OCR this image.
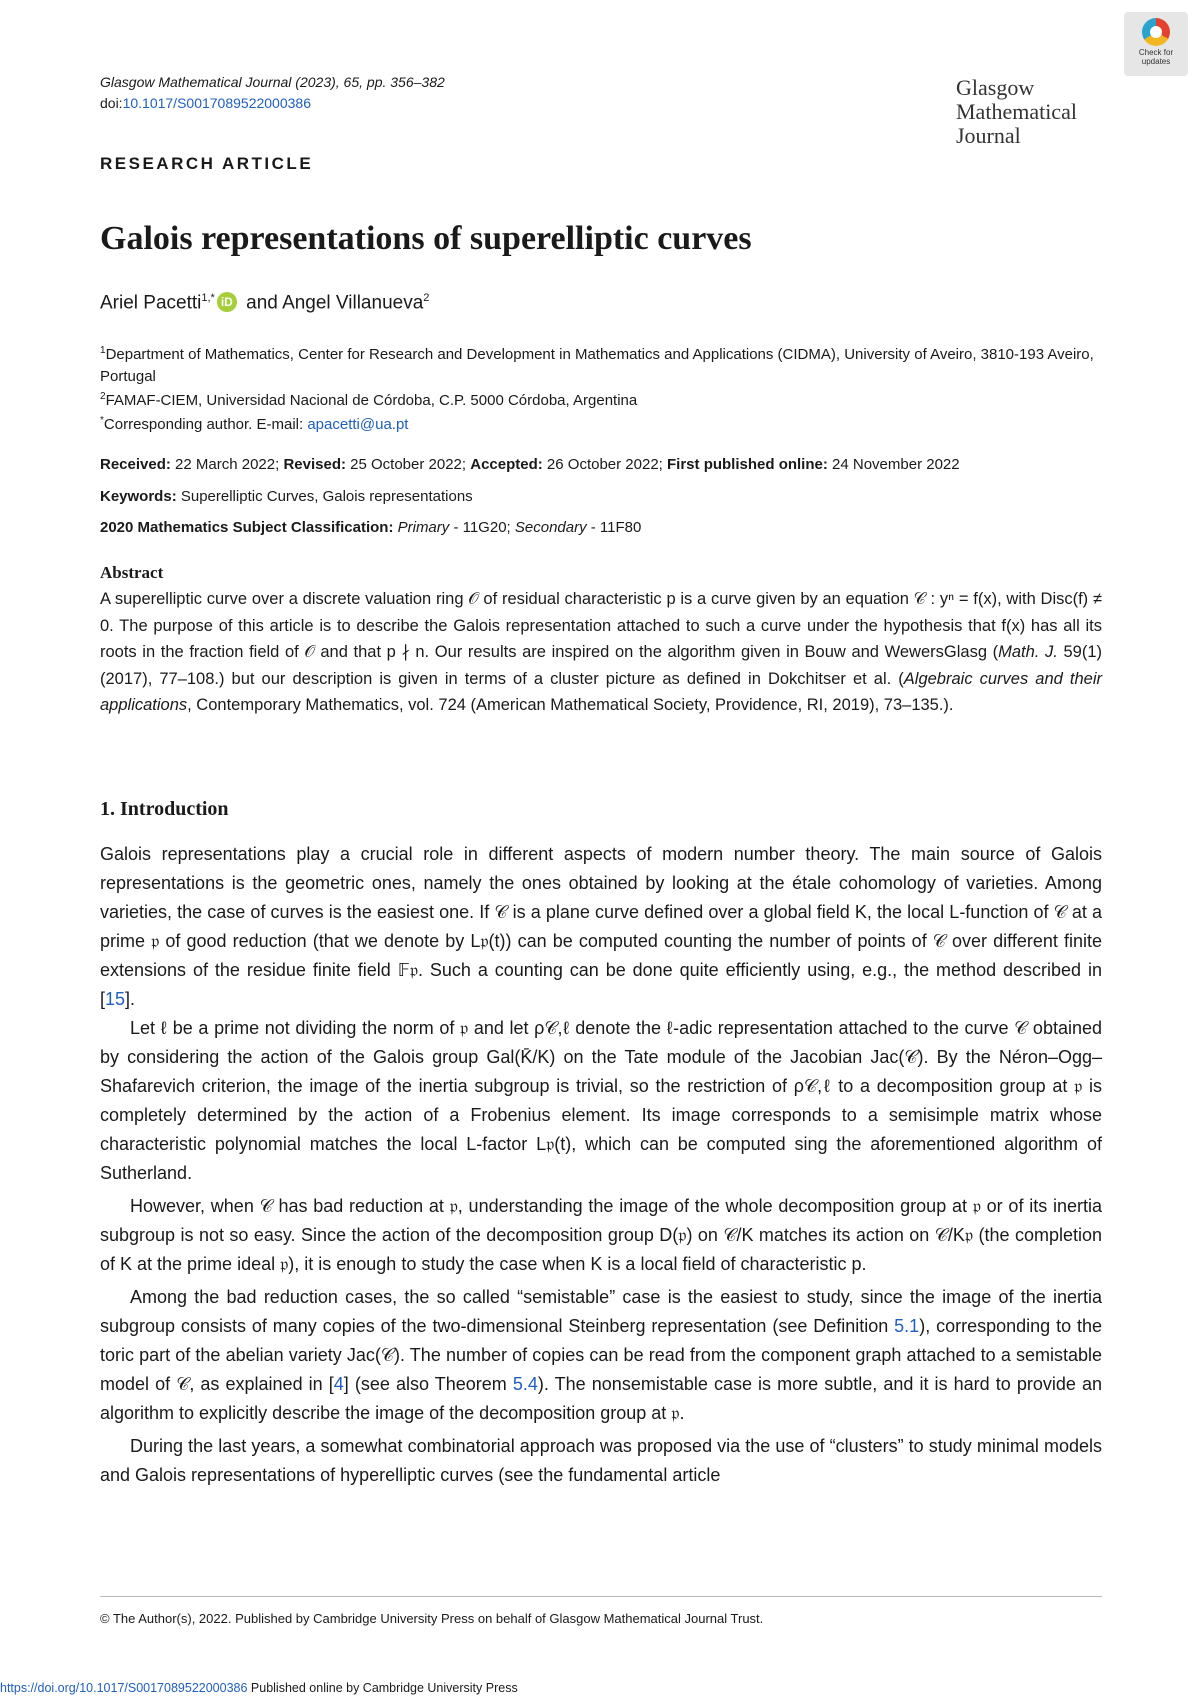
Glasgow Mathematical Journal (2023), 65, pp. 356–382
doi:10.1017/S0017089522000386
Glasgow
Mathematical
Journal
Check for
updates
RESEARCH ARTICLE
Galois representations of superelliptic curves
Ariel Pacetti$^{1,*}$ iD and Angel Villanueva$^2$
$^1$Department of Mathematics, Center for Research and Development in Mathematics and Applications (CIDMA), University of Aveiro, 3810-193 Aveiro, Portugal
$^2$FAMAF-CIEM, Universidad Nacional de Córdoba, C.P. 5000 Córdoba, Argentina
*Corresponding author. E-mail: apacetti@ua.pt
Received: 22 March 2022; Revised: 25 October 2022; Accepted: 26 October 2022; First published online: 24 November 2022
Keywords: Superelliptic Curves, Galois representations
2020 Mathematics Subject Classification: Primary - 11G20; Secondary - 11F80
Abstract
A superelliptic curve over a discrete valuation ring 𝒪 of residual characteristic p is a curve given by an equation 𝒞 : yⁿ = f(x), with Disc(f) ≠ 0. The purpose of this article is to describe the Galois representation attached to such a curve under the hypothesis that f(x) has all its roots in the fraction field of 𝒪 and that p ∤ n. Our results are inspired on the algorithm given in Bouw and WewersGlasg (Math. J. 59(1) (2017), 77–108.) but our description is given in terms of a cluster picture as defined in Dokchitser et al. (Algebraic curves and their applications, Contemporary Mathematics, vol. 724 (American Mathematical Society, Providence, RI, 2019), 73–135.).
1. Introduction

Galois representations play a crucial role in different aspects of modern number theory. The main source of Galois representations is the geometric ones, namely the ones obtained by looking at the étale cohomology of varieties. Among varieties, the case of curves is the easiest one. If 𝒞 is a plane curve defined over a global field K, the local L-function of 𝒞 at a prime 𝔭 of good reduction (that we denote by L𝔭(t)) can be computed counting the number of points of 𝒞 over different finite extensions of the residue finite field 𝔽𝔭. Such a counting can be done quite efficiently using, e.g., the method described in [15].

Let ℓ be a prime not dividing the norm of 𝔭 and let ρ𝒞,ℓ denote the ℓ-adic representation attached to the curve 𝒞 obtained by considering the action of the Galois group Gal(K̄/K) on the Tate module of the Jacobian Jac(𝒞). By the Néron–Ogg–Shafarevich criterion, the image of the inertia subgroup is trivial, so the restriction of ρ𝒞,ℓ to a decomposition group at 𝔭 is completely determined by the action of a Frobenius element. Its image corresponds to a semisimple matrix whose characteristic polynomial matches the local L-factor L𝔭(t), which can be computed sing the aforementioned algorithm of Sutherland.

However, when 𝒞 has bad reduction at 𝔭, understanding the image of the whole decomposition group at 𝔭 or of its inertia subgroup is not so easy. Since the action of the decomposition group D(𝔭) on 𝒞/K matches its action on 𝒞/K𝔭 (the completion of K at the prime ideal 𝔭), it is enough to study the case when K is a local field of characteristic p.

Among the bad reduction cases, the so called “semistable” case is the easiest to study, since the image of the inertia subgroup consists of many copies of the two-dimensional Steinberg representation (see Definition 5.1), corresponding to the toric part of the abelian variety Jac(𝒞). The number of copies can be read from the component graph attached to a semistable model of 𝒞, as explained in [4] (see also Theorem 5.4). The nonsemistable case is more subtle, and it is hard to provide an algorithm to explicitly describe the image of the decomposition group at 𝔭.

During the last years, a somewhat combinatorial approach was proposed via the use of “clusters” to study minimal models and Galois representations of hyperelliptic curves (see the fundamental article

© The Author(s), 2022. Published by Cambridge University Press on behalf of Glasgow Mathematical Journal Trust.
https://doi.org/10.1017/S0017089522000386 Published online by Cambridge University Press
